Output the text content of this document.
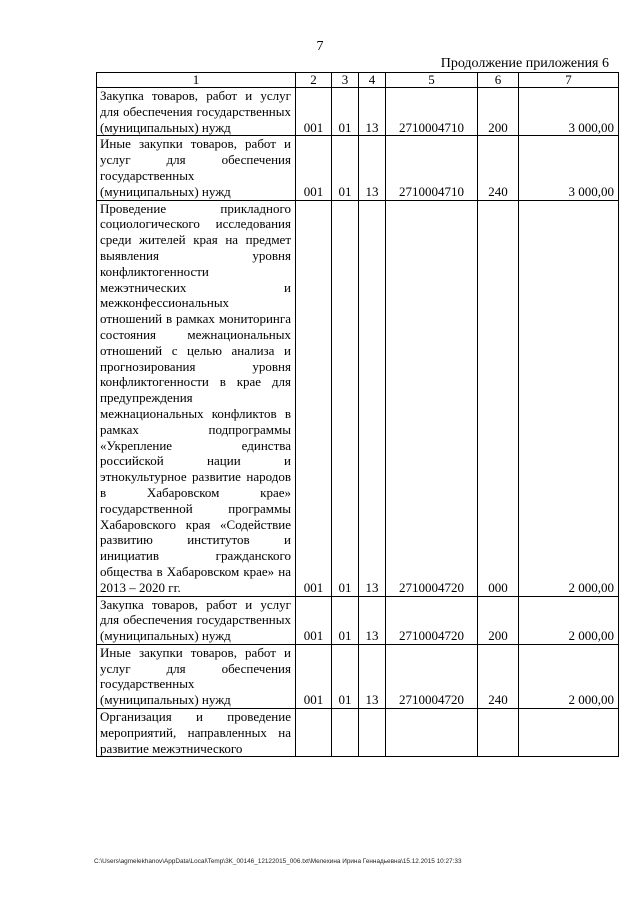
7
Продолжение приложения 6
1	2	3	4	5	6	7
Закупка товаров, работ и услуг для обеспечения государственных (муниципальных) нужд	001	01	13	2710004710	200	3 000,00
Иные закупки товаров, работ и услуг для обеспечения государственных (муниципальных) нужд	001	01	13	2710004710	240	3 000,00
Проведение прикладного социологического исследования среди жителей края на предмет выявления уровня конфликтогенности межэтнических и межконфессиональных отношений в рамках мониторинга состояния межнациональных отношений с целью анализа и прогнозирования уровня конфликтогенности в крае для предупреждения межнациональных конфликтов в рамках подпрограммы «Укрепление единства российской нации и этнокультурное развитие народов в Хабаровском крае» государственной программы Хабаровского края «Содействие развитию институтов и инициатив гражданского общества в Хабаровском крае» на 2013 – 2020 гг.	001	01	13	2710004720	000	2 000,00
Закупка товаров, работ и услуг для обеспечения государственных (муниципальных) нужд	001	01	13	2710004720	200	2 000,00
Иные закупки товаров, работ и услуг для обеспечения государственных (муниципальных) нужд	001	01	13	2710004720	240	2 000,00
Организация и проведение мероприятий, направленных на развитие межэтнического						
C:\Users\agmelekhanov\AppData\Local\Temp\3K_00146_12122015_006.txt\Мелехина Ирина Геннадьевна\15.12.2015 10:27:33
